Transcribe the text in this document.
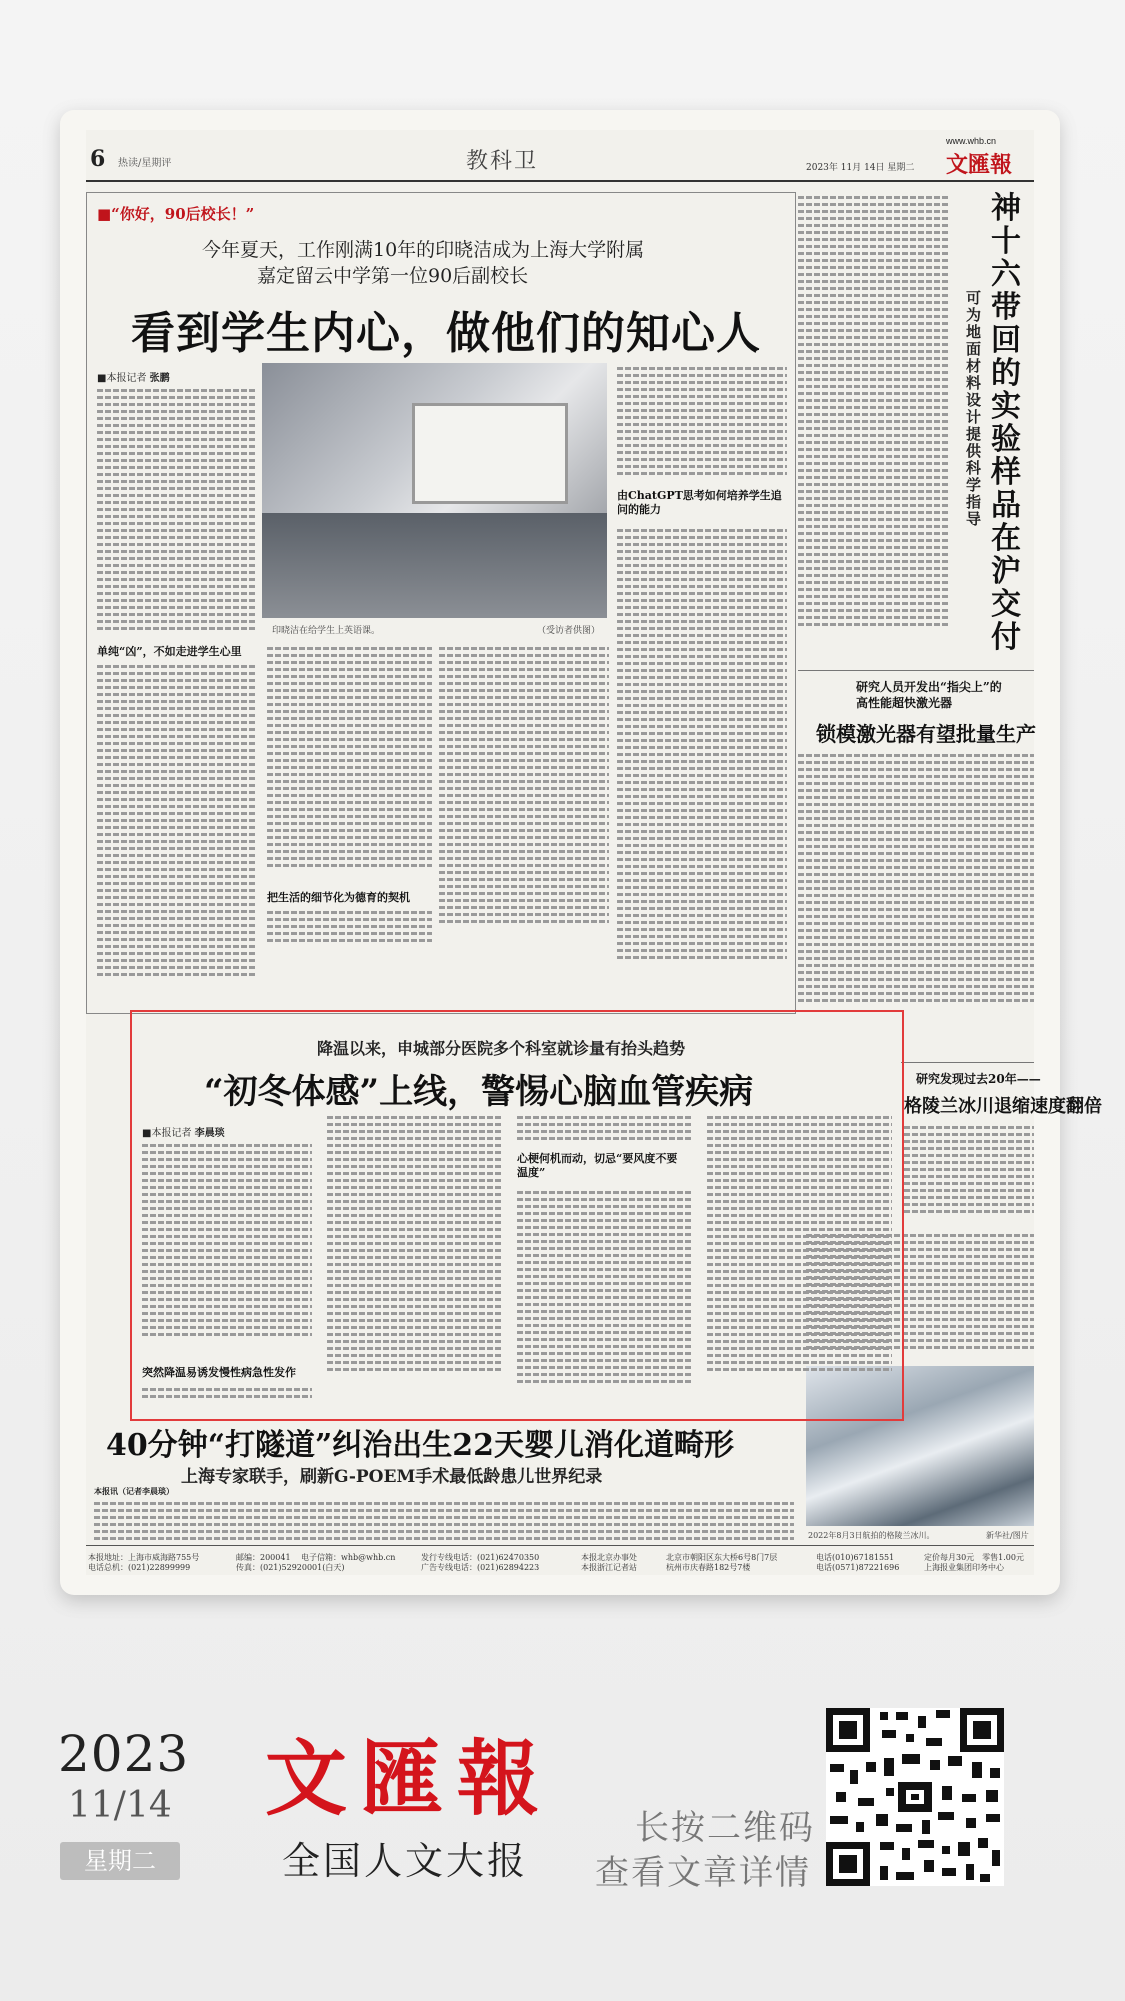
6 热读/星期评	教科卫
www.whb.cn
2023年 11月 14日 星期二 文匯報
■“你好，90后校长！”
今年夏天，工作刚满10年的印晓洁成为上海大学附属
嘉定留云中学第一位90后副校长
看到学生内心，做他们的知心人
■本报记者 张鹏
单纯“凶”，不如走进学生心里
印晓洁在给学生上英语课。	（受访者供图）
由ChatGPT思考如何培养学生追问的能力
把生活的细节化为德育的契机
神十六带回的实验样品在沪交付
可为地面材料设计提供科学指导
研究人员开发出“指尖上”的
高性能超快激光器
锁模激光器有望批量生产
研究发现过去20年——
格陵兰冰川退缩速度翻倍
2022年8月3日航拍的格陵兰冰川。	新华社/图片
降温以来，申城部分医院多个科室就诊量有抬头趋势
“初冬体感”上线，警惕心脑血管疾病
■本报记者 李晨琰
突然降温易诱发慢性病急性发作
心梗何机而动，切忌“要风度不要温度”
40分钟“打隧道”纠治出生22天婴儿消化道畸形
上海专家联手，刷新G-POEM手术最低龄患儿世界纪录
本报讯（记者李晨琰）
本报地址：上海市威海路755号
电话总机：(021)22899999
邮编：200041 电子信箱：whb@whb.cn
传真：(021)52920001(白天)
发行专线电话：(021)62470350
广告专线电话：(021)62894223
本报北京办事处
本报浙江记者站
北京市朝阳区东大桥6号8门7层
杭州市庆春路182号7楼
电话(010)67181551
电话(0571)87221696
定价每月30元　零售1.00元
上海报业集团印务中心
2023
11/14
星期二
文匯報
全国人文大报
长按二维码
查看文章详情
